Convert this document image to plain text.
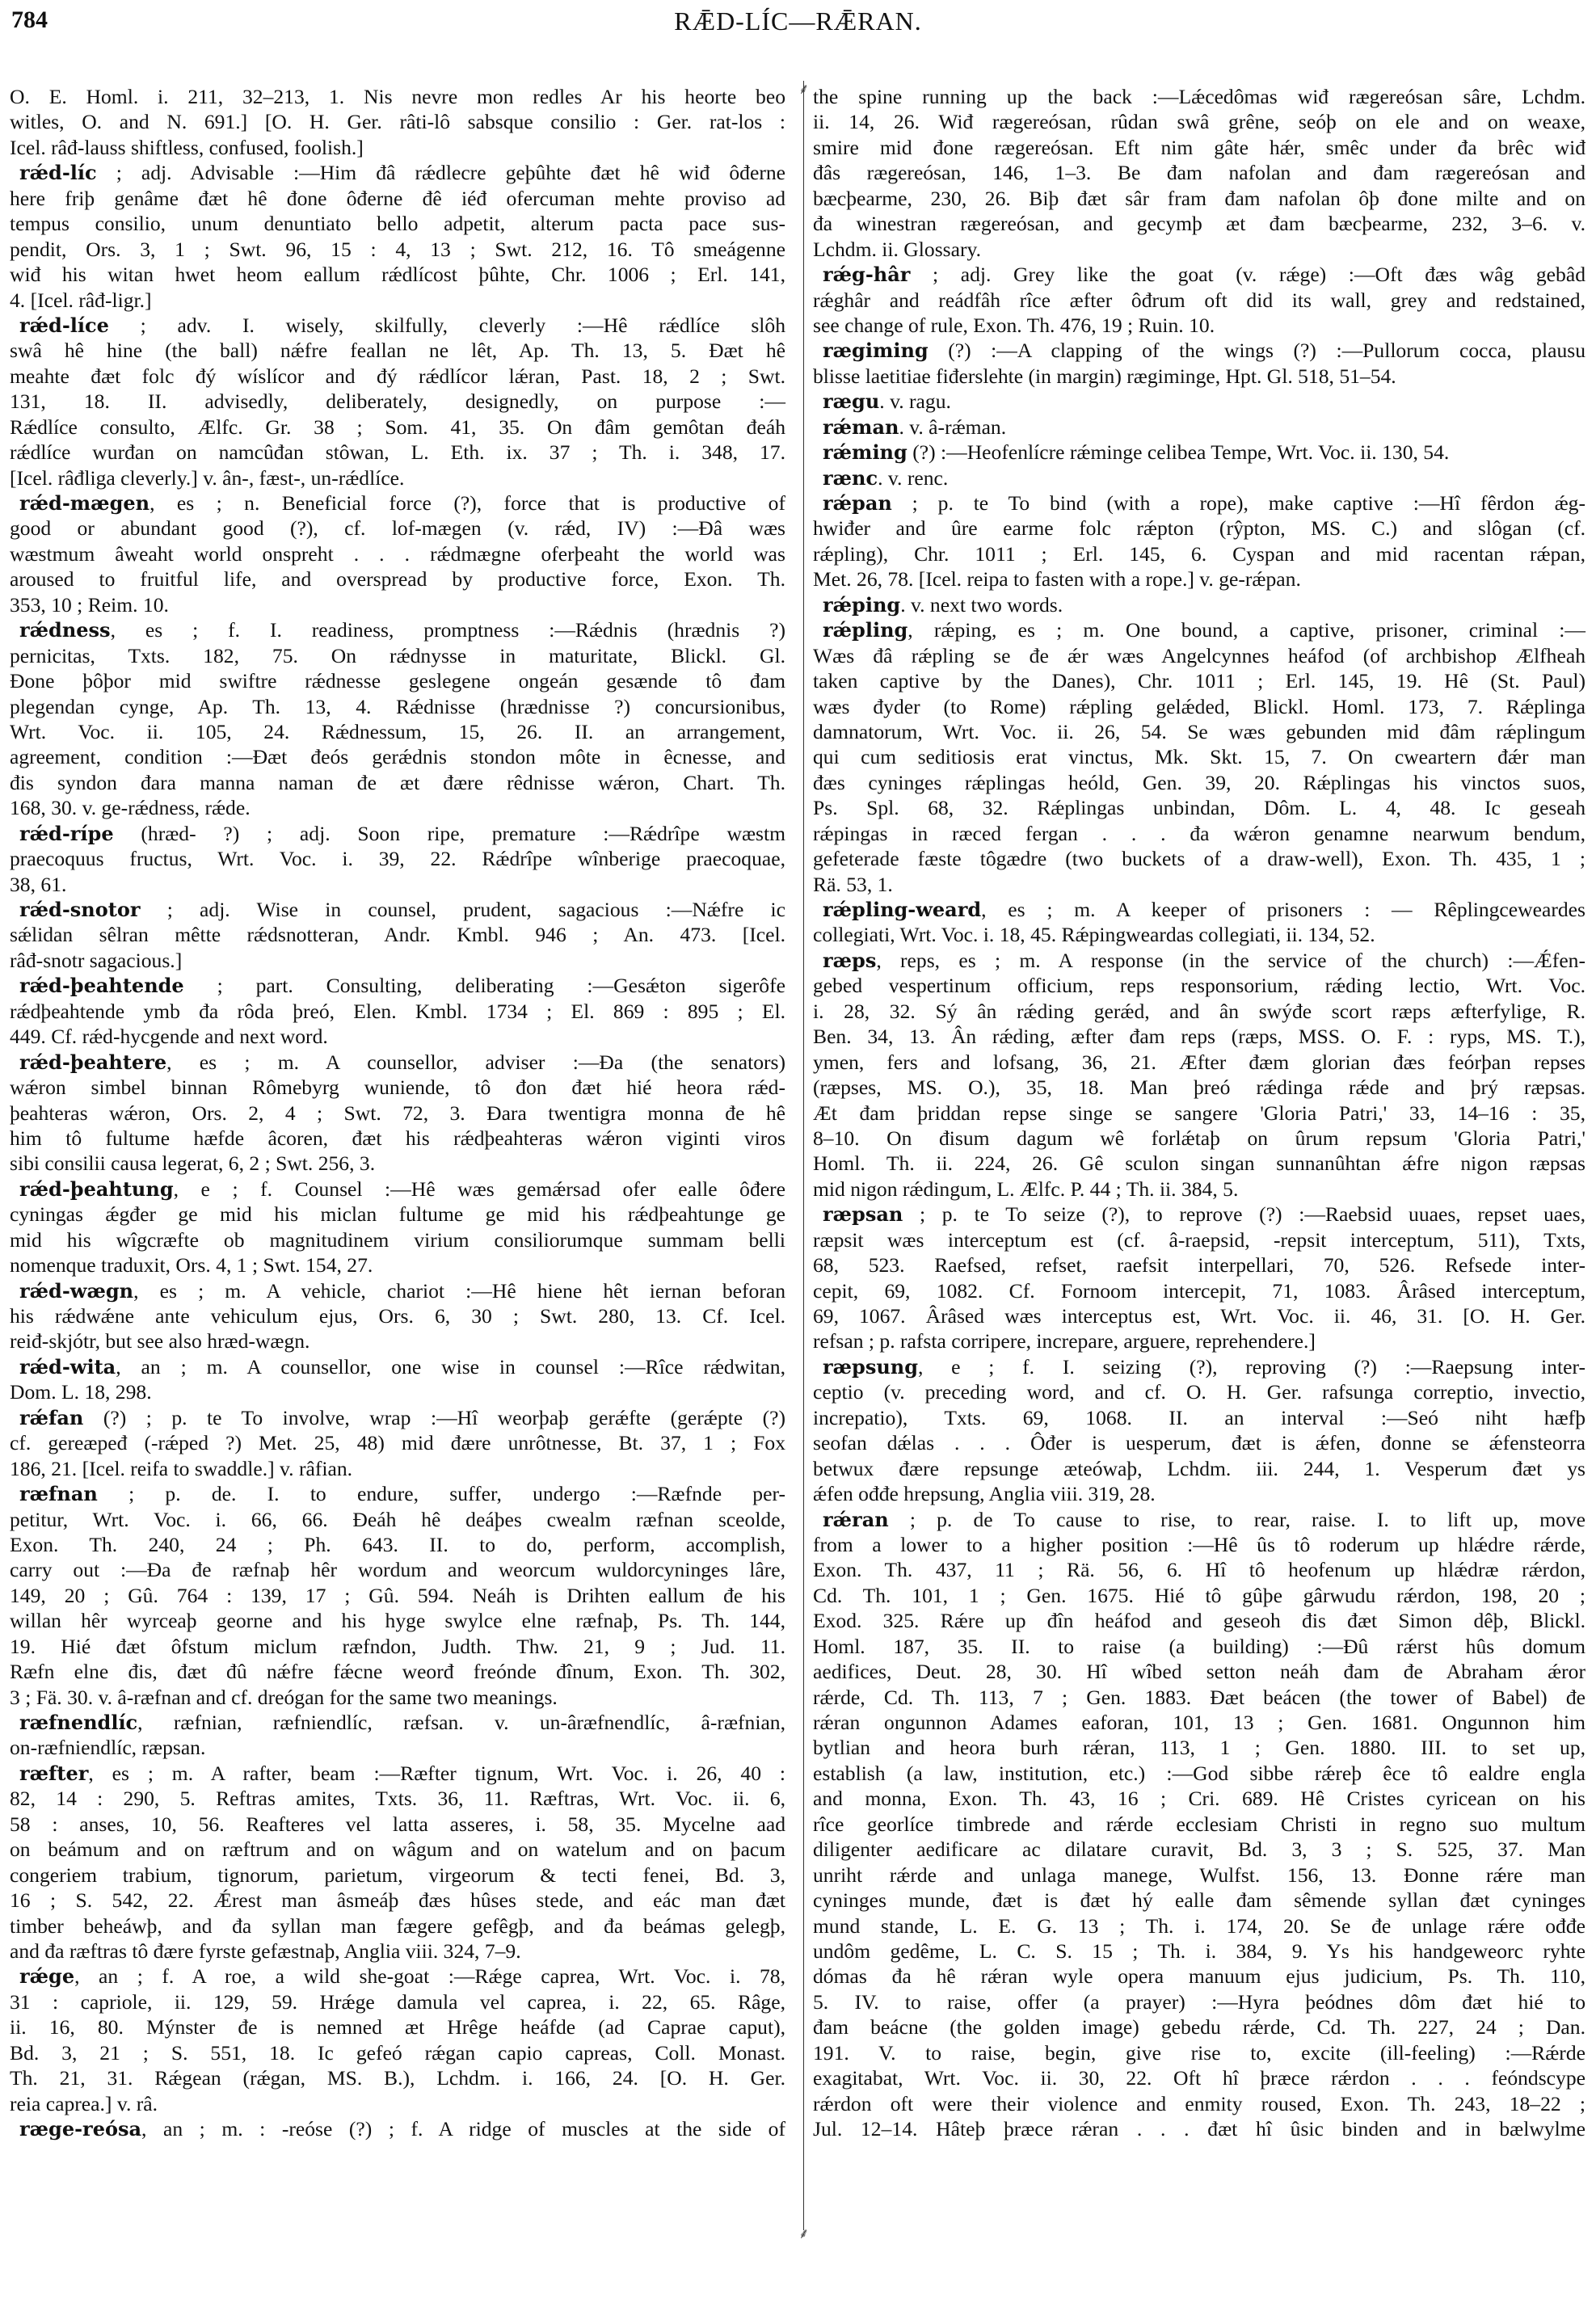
784	RǢD-LÍC—RǢRAN.
O. E. Homl. i. 211, 32–213, 1. Nis nevre mon redles Ar his heorte beo
witles, O. and N. 691.] [O. H. Ger. râti-lô sabsque consilio : Ger. rat-los :
Icel. râđ-lauss shiftless, confused, foolish.]
rǽd-líc ; adj. Advisable :—Him đâ rǽdlecre geþûhte đæt hê wiđ ôđerne
here friþ genâme đæt hê đone ôđerne đê iéđ ofercuman mehte proviso ad
tempus consilio, unum denuntiato bello adpetit, alterum pacta pace sus-
pendit, Ors. 3, 1 ; Swt. 96, 15 : 4, 13 ; Swt. 212, 16. Tô smeágenne
wiđ his witan hwet heom eallum rǽdlícost þûhte, Chr. 1006 ; Erl. 141,
4. [Icel. râđ-ligr.]
rǽd-líce ; adv. I. wisely, skilfully, cleverly :—Hê rǽdlíce slôh
swâ hê hine (the ball) nǽfre feallan ne lêt, Ap. Th. 13, 5. Đæt hê
meahte đæt folc đý wíslícor and đý rǽdlícor lǽran, Past. 18, 2 ; Swt.
131, 18. II. advisedly, deliberately, designedly, on purpose :—
Rǽdlíce consulto, Ælfc. Gr. 38 ; Som. 41, 35. On đâm gemôtan đeáh
rǽdlíce wurđan on namcûđan stôwan, L. Eth. ix. 37 ; Th. i. 348, 17.
[Icel. râđliga cleverly.] v. ân-, fæst-, un-rǽdlíce.
rǽd-mægen, es ; n. Beneficial force (?), force that is productive of
good or abundant good (?), cf. lof-mægen (v. rǽd, IV) :—Đâ wæs
wæstmum âweaht world onspreht . . . rǽdmægne oferþeaht the world was
aroused to fruitful life, and overspread by productive force, Exon. Th.
353, 10 ; Reim. 10.
rǽdness, es ; f. I. readiness, promptness :—Rǽdnis (hrædnis ?)
pernicitas, Txts. 182, 75. On rǽdnysse in maturitate, Blickl. Gl.
Đone þôþor mid swiftre rǽdnesse geslegene ongeán gesænde tô đam
plegendan cynge, Ap. Th. 13, 4. Rǽdnisse (hrædnisse ?) concursionibus,
Wrt. Voc. ii. 105, 24. Rǽdnessum, 15, 26. II. an arrangement,
agreement, condition :—Đæt đeós gerǽdnis stondon môte in êcnesse, and
đis syndon đara manna naman đe æt đære rêdnisse wǽron, Chart. Th.
168, 30. v. ge-rǽdness, rǽde.
rǽd-rípe (hræd- ?) ; adj. Soon ripe, premature :—Rǽdrîpe wæstm
praecoquus fructus, Wrt. Voc. i. 39, 22. Rǽdrîpe wînberige praecoquae,
38, 61.
rǽd-snotor ; adj. Wise in counsel, prudent, sagacious :—Nǽfre ic
sǽlidan sêlran mêtte rǽdsnotteran, Andr. Kmbl. 946 ; An. 473. [Icel.
râđ-snotr sagacious.]
rǽd-þeahtende ; part. Consulting, deliberating :—Gesǽton sigerôfe
rǽdþeahtende ymb đa rôda þreó, Elen. Kmbl. 1734 ; El. 869 : 895 ; El.
449. Cf. rǽd-hycgende and next word.
rǽd-þeahtere, es ; m. A counsellor, adviser :—Đa (the senators)
wǽron simbel binnan Rômebyrg wuniende, tô đon đæt hié heora rǽd-
þeahteras wǽron, Ors. 2, 4 ; Swt. 72, 3. Đara twentigra monna đe hê
him tô fultume hæfde âcoren, đæt his rǽdþeahteras wǽron viginti viros
sibi consilii causa legerat, 6, 2 ; Swt. 256, 3.
rǽd-þeahtung, e ; f. Counsel :—Hê wæs gemǽrsad ofer ealle ôđere
cyningas ǽgđer ge mid his miclan fultume ge mid his rǽdþeahtunge ge
mid his wîgcræfte ob magnitudinem virium consiliorumque summam belli
nomenque traduxit, Ors. 4, 1 ; Swt. 154, 27.
rǽd-wægn, es ; m. A vehicle, chariot :—Hê hiene hêt iernan beforan
his rǽdwǽne ante vehiculum ejus, Ors. 6, 30 ; Swt. 280, 13. Cf. Icel.
reiđ-skjótr, but see also hræd-wægn.
rǽd-wita, an ; m. A counsellor, one wise in counsel :—Rîce rǽdwitan,
Dom. L. 18, 298.
rǽfan (?) ; p. te To involve, wrap :—Hî weorþaþ gerǽfte (gerǽpte (?)
cf. gereæpeđ (-rǽped ?) Met. 25, 48) mid đære unrôtnesse, Bt. 37, 1 ; Fox
186, 21. [Icel. reifa to swaddle.] v. râfian.
ræfnan ; p. de. I. to endure, suffer, undergo :—Ræfnde per-
petitur, Wrt. Voc. i. 66, 66. Đeáh hê deáþes cwealm ræfnan sceolde,
Exon. Th. 240, 24 ; Ph. 643. II. to do, perform, accomplish,
carry out :—Đa đe ræfnaþ hêr wordum and weorcum wuldorcyninges lâre,
149, 20 ; Gû. 764 : 139, 17 ; Gû. 594. Neáh is Drihten eallum đe his
willan hêr wyrceaþ georne and his hyge swylce elne ræfnaþ, Ps. Th. 144,
19. Hié đæt ôfstum miclum ræfndon, Judth. Thw. 21, 9 ; Jud. 11.
Ræfn elne đis, đæt đû nǽfre fǽcne weorđ freónde đînum, Exon. Th. 302,
3 ; Fä. 30. v. â-ræfnan and cf. dreógan for the same two meanings.
ræfnendlíc, ræfnian, ræfniendlíc, ræfsan. v. un-âræfnendlíc, â-ræfnian,
on-ræfniendlíc, ræpsan.
ræfter, es ; m. A rafter, beam :—Ræfter tignum, Wrt. Voc. i. 26, 40 :
82, 14 : 290, 5. Reftras amites, Txts. 36, 11. Ræftras, Wrt. Voc. ii. 6,
58 : anses, 10, 56. Reafteres vel latta asseres, i. 58, 35. Mycelne aad
on beámum and on ræftrum and on wâgum and on watelum and on þacum
congeriem trabium, tignorum, parietum, virgeorum & tecti fenei, Bd. 3,
16 ; S. 542, 22. Ǽrest man âsmeáþ đæs hûses stede, and eác man đæt
timber beheáwþ, and đa syllan man fægere gefêgþ, and đa beámas gelegþ,
and đa ræftras tô đære fyrste gefæstnaþ, Anglia viii. 324, 7–9.
rǽge, an ; f. A roe, a wild she-goat :—Rǽge caprea, Wrt. Voc. i. 78,
31 : capriole, ii. 129, 59. Hrǽge damula vel caprea, i. 22, 65. Râge,
ii. 16, 80. Mýnster đe is nemned æt Hrêge heáfde (ad Caprae caput),
Bd. 3, 21 ; S. 551, 18. Ic gefeó rǽgan capio capreas, Coll. Monast.
Th. 21, 31. Rǽgean (rǽgan, MS. B.), Lchdm. i. 166, 24. [O. H. Ger.
reia caprea.] v. râ.
ræge-reósa, an ; m. : -reóse (?) ; f. A ridge of muscles at the side of
⸙
⸙
the spine running up the back :—Lǽcedômas wiđ rægereósan sâre, Lchdm.
ii. 14, 26. Wiđ rægereósan, rûdan swâ grêne, seóþ on ele and on weaxe,
smire mid đone rægereósan. Eft nim gâte hǽr, smêc under đa brêc wiđ
đâs rægereósan, 146, 1–3. Be đam nafolan and đam rægereósan and
bæcþearme, 230, 26. Biþ đæt sâr fram đam nafolan ôþ đone milte and on
đa winestran rægereósan, and gecymþ æt đam bæcþearme, 232, 3–6. v.
Lchdm. ii. Glossary.
rǽg-hâr ; adj. Grey like the goat (v. rǽge) :—Oft đæs wâg gebâd
rǽghâr and reádfâh rîce æfter ôđrum oft did its wall, grey and redstained,
see change of rule, Exon. Th. 476, 19 ; Ruin. 10.
rægiming (?) :—A clapping of the wings (?) :—Pullorum cocca, plausu
blisse laetitiae fiđerslehte (in margin) rægiminge, Hpt. Gl. 518, 51–54.
rægu. v. ragu.
rǽman. v. â-rǽman.
rǽming (?) :—Heofenlícre rǽminge celibea Tempe, Wrt. Voc. ii. 130, 54.
rænc. v. renc.
rǽpan ; p. te To bind (with a rope), make captive :—Hî fêrdon ǽg-
hwiđer and ûre earme folc rǽpton (rŷpton, MS. C.) and slôgan (cf.
rǽpling), Chr. 1011 ; Erl. 145, 6. Cyspan and mid racentan rǽpan,
Met. 26, 78. [Icel. reipa to fasten with a rope.] v. ge-rǽpan.
rǽping. v. next two words.
rǽpling, rǽping, es ; m. One bound, a captive, prisoner, criminal :—
Wæs đâ rǽpling se đe ǽr wæs Angelcynnes heáfod (of archbishop Ælfheah
taken captive by the Danes), Chr. 1011 ; Erl. 145, 19. Hê (St. Paul)
wæs đyder (to Rome) rǽpling gelǽded, Blickl. Homl. 173, 7. Rǽplinga
damnatorum, Wrt. Voc. ii. 26, 54. Se wæs gebunden mid đâm rǽplingum
qui cum seditiosis erat vinctus, Mk. Skt. 15, 7. On cweartern đǽr man
đæs cyninges rǽplingas heóld, Gen. 39, 20. Rǽplingas his vinctos suos,
Ps. Spl. 68, 32. Rǽplingas unbindan, Dôm. L. 4, 48. Ic geseah
rǽpingas in ræced fergan . . . đa wǽron genamne nearwum bendum,
gefeterade fæste tôgædre (two buckets of a draw-well), Exon. Th. 435, 1 ;
Rä. 53, 1.
rǽpling-weard, es ; m. A keeper of prisoners : — Rêplingceweardes
collegiati, Wrt. Voc. i. 18, 45. Rǽpingweardas collegiati, ii. 134, 52.
ræps, reps, es ; m. A response (in the service of the church) :—Ǽfen-
gebed vespertinum officium, reps responsorium, rǽding lectio, Wrt. Voc.
i. 28, 32. Sý ân rǽding gerǽd, and ân swýđe scort ræps æfterfylige, R.
Ben. 34, 13. Ân rǽding, æfter đam reps (ræps, MSS. O. F. : ryps, MS. T.),
ymen, fers and lofsang, 36, 21. Æfter đæm glorian đæs feórþan repses
(ræpses, MS. O.), 35, 18. Man þreó rǽdinga rǽde and þrý ræpsas.
Æt đam þriddan repse singe se sangere 'Gloria Patri,' 33, 14–16 : 35,
8–10. On đisum dagum wê forlǽtaþ on ûrum repsum 'Gloria Patri,'
Homl. Th. ii. 224, 26. Gê sculon singan sunnanûhtan ǽfre nigon ræpsas
mid nigon rǽdingum, L. Ælfc. P. 44 ; Th. ii. 384, 5.
ræpsan ; p. te To seize (?), to reprove (?) :—Raebsid uuaes, repset uaes,
ræpsit wæs interceptum est (cf. â-raepsid, -repsit interceptum, 511), Txts,
68, 523. Raefsed, refset, raefsit interpellari, 70, 526. Refsede inter-
cepit, 69, 1082. Cf. Fornoom intercepit, 71, 1083. Ârâsed interceptum,
69, 1067. Ârâsed wæs interceptus est, Wrt. Voc. ii. 46, 31. [O. H. Ger.
refsan ; p. rafsta corripere, increpare, arguere, reprehendere.]
ræpsung, e ; f. I. seizing (?), reproving (?) :—Raepsung inter-
ceptio (v. preceding word, and cf. O. H. Ger. rafsunga correptio, invectio,
increpatio), Txts. 69, 1068. II. an interval :—Seó niht hæfþ
seofan dǽlas . . . Ôđer is uesperum, đæt is ǽfen, đonne se ǽfensteorra
betwux đære repsunge æteówaþ, Lchdm. iii. 244, 1. Vesperum đæt ys
ǽfen ođđe hrepsung, Anglia viii. 319, 28.
rǽran ; p. de To cause to rise, to rear, raise. I. to lift up, move
from a lower to a higher position :—Hê ûs tô roderum up hlǽdre rǽrde,
Exon. Th. 437, 11 ; Rä. 56, 6. Hî tô heofenum up hlǽdræ rǽrdon,
Cd. Th. 101, 1 ; Gen. 1675. Hié tô gûþe gârwudu rǽrdon, 198, 20 ;
Exod. 325. Rǽre up đîn heáfod and geseoh đis đæt Simon dêþ, Blickl.
Homl. 187, 35. II. to raise (a building) :—Đû rǽrst hûs domum
aedifices, Deut. 28, 30. Hî wîbed setton neáh đam đe Abraham ǽror
rǽrde, Cd. Th. 113, 7 ; Gen. 1883. Đæt beácen (the tower of Babel) đe
rǽran ongunnon Adames eaforan, 101, 13 ; Gen. 1681. Ongunnon him
bytlian and heora burh rǽran, 113, 1 ; Gen. 1880. III. to set up,
establish (a law, institution, etc.) :—God sibbe rǽreþ êce tô ealdre engla
and monna, Exon. Th. 43, 16 ; Cri. 689. Hê Cristes cyricean on his
rîce georlíce timbrede and rǽrde ecclesiam Christi in regno suo multum
diligenter aedificare ac dilatare curavit, Bd. 3, 3 ; S. 525, 37. Man
unriht rǽrde and unlaga manege, Wulfst. 156, 13. Đonne rǽre man
cyninges munde, đæt is đæt hý ealle đam sêmende syllan đæt cyninges
mund stande, L. E. G. 13 ; Th. i. 174, 20. Se đe unlage rǽre ođđe
undôm gedême, L. C. S. 15 ; Th. i. 384, 9. Ys his handgeweorc ryhte
dómas đa hê rǽran wyle opera manuum ejus judicium, Ps. Th. 110,
5. IV. to raise, offer (a prayer) :—Hyra þeódnes dôm đæt hié to
đam beácne (the golden image) gebedu rǽrde, Cd. Th. 227, 24 ; Dan.
191. V. to raise, begin, give rise to, excite (ill-feeling) :—Rǽrde
exagitabat, Wrt. Voc. ii. 30, 22. Oft hî þræce rǽrdon . . . feóndscype
rǽrdon oft were their violence and enmity roused, Exon. Th. 243, 18–22 ;
Jul. 12–14. Hâteþ þræce rǽran . . . đæt hî ûsic binden and in bælwylme
